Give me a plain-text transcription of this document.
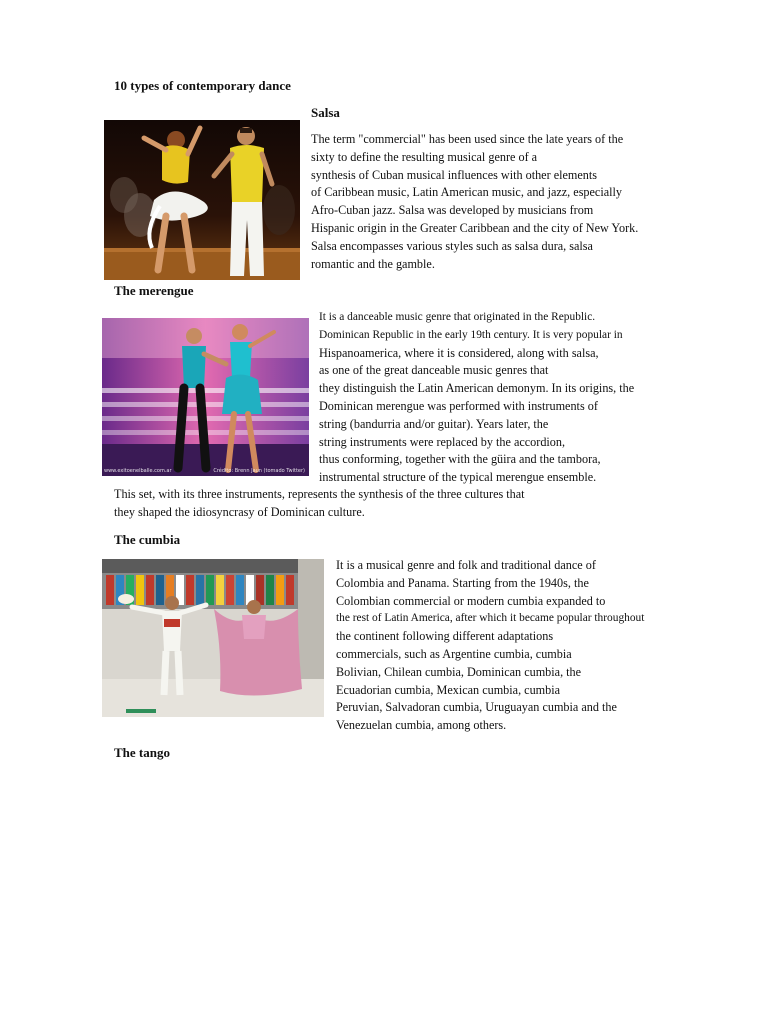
10 types of contemporary dance
Salsa
The term "commercial" has been used since the late years of the
sixty to define the resulting musical genre of a
synthesis of Cuban musical influences with other elements
of Caribbean music, Latin American music, and jazz, especially
Afro-Cuban jazz. Salsa was developed by musicians from
Hispanic origin in the Greater Caribbean and the city of New York.
Salsa encompasses various styles such as salsa dura, salsa
romantic and the gamble.
The merengue
www.exitoenelballe.com.ar	Crédito: Brenn Jaun (tomado Twitter)
It is a danceable music genre that originated in the Republic.
Dominican Republic in the early 19th century. It is very popular in
Hispanoamerica, where it is considered, along with salsa,
as one of the great danceable music genres that
they distinguish the Latin American demonym. In its origins, the
Dominican merengue was performed with instruments of
string (bandurria and/or guitar). Years later, the
string instruments were replaced by the accordion,
thus conforming, together with the güira and the tambora,
instrumental structure of the typical merengue ensemble.
This set, with its three instruments, represents the synthesis of the three cultures that
they shaped the idiosyncrasy of Dominican culture.
The cumbia
It is a musical genre and folk and traditional dance of
Colombia and Panama. Starting from the 1940s, the
Colombian commercial or modern cumbia expanded to
the rest of Latin America, after which it became popular throughout
the continent following different adaptations
commercials, such as Argentine cumbia, cumbia
Bolivian, Chilean cumbia, Dominican cumbia, the
Ecuadorian cumbia, Mexican cumbia, cumbia
Peruvian, Salvadoran cumbia, Uruguayan cumbia and the
Venezuelan cumbia, among others.
The tango
